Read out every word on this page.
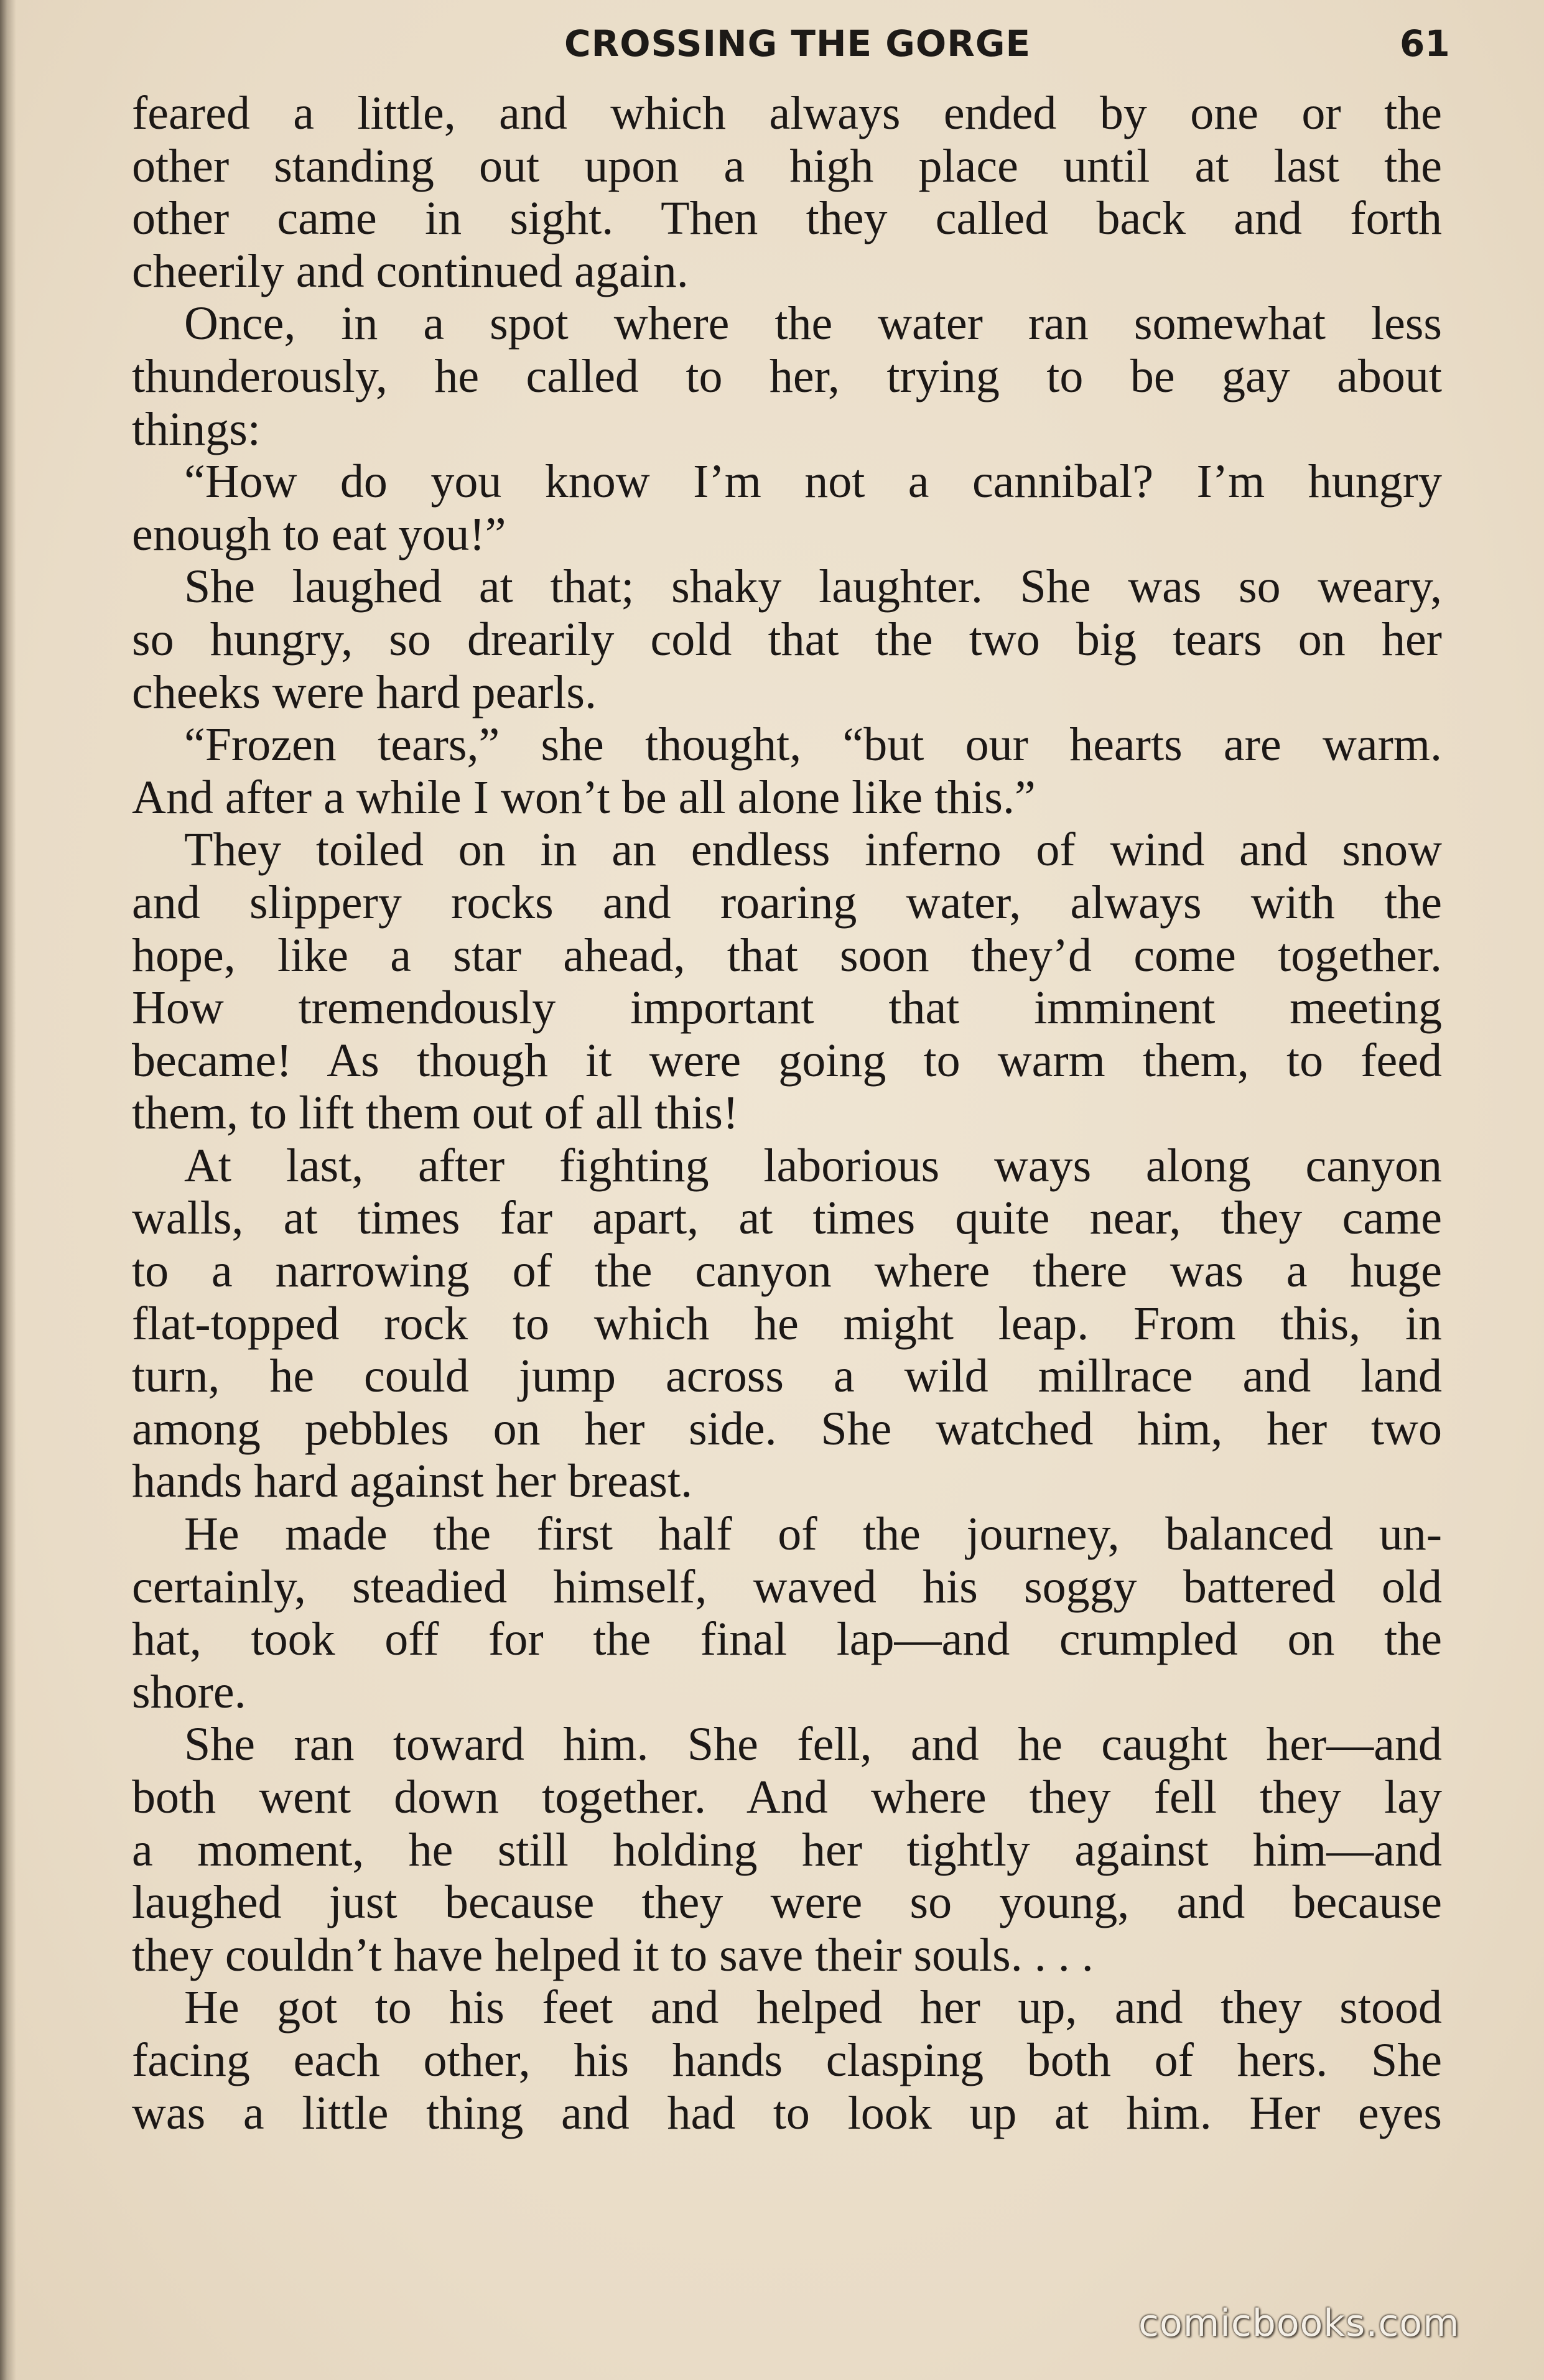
CROSSING THE GORGE	61
feared a little, and which always ended by one or the
other standing out upon a high place until at last the
other came in sight. Then they called back and forth
cheerily and continued again.
Once, in a spot where the water ran somewhat less
thunderously, he called to her, trying to be gay about
things:
“How do you know I’m not a cannibal? I’m hungry
enough to eat you!”
She laughed at that; shaky laughter. She was so weary,
so hungry, so drearily cold that the two big tears on her
cheeks were hard pearls.
“Frozen tears,” she thought, “but our hearts are warm.
And after a while I won’t be all alone like this.”
They toiled on in an endless inferno of wind and snow
and slippery rocks and roaring water, always with the
hope, like a star ahead, that soon they’d come together.
How tremendously important that imminent meeting
became! As though it were going to warm them, to feed
them, to lift them out of all this!
At last, after fighting laborious ways along canyon
walls, at times far apart, at times quite near, they came
to a narrowing of the canyon where there was a huge
flat-topped rock to which he might leap. From this, in
turn, he could jump across a wild millrace and land
among pebbles on her side. She watched him, her two
hands hard against her breast.
He made the first half of the journey, balanced un-
certainly, steadied himself, waved his soggy battered old
hat, took off for the final lap—and crumpled on the
shore.
She ran toward him. She fell, and he caught her—and
both went down together. And where they fell they lay
a moment, he still holding her tightly against him—and
laughed just because they were so young, and because
they couldn’t have helped it to save their souls. . . .
He got to his feet and helped her up, and they stood
facing each other, his hands clasping both of hers. She
was a little thing and had to look up at him. Her eyes
comicbooks.com
